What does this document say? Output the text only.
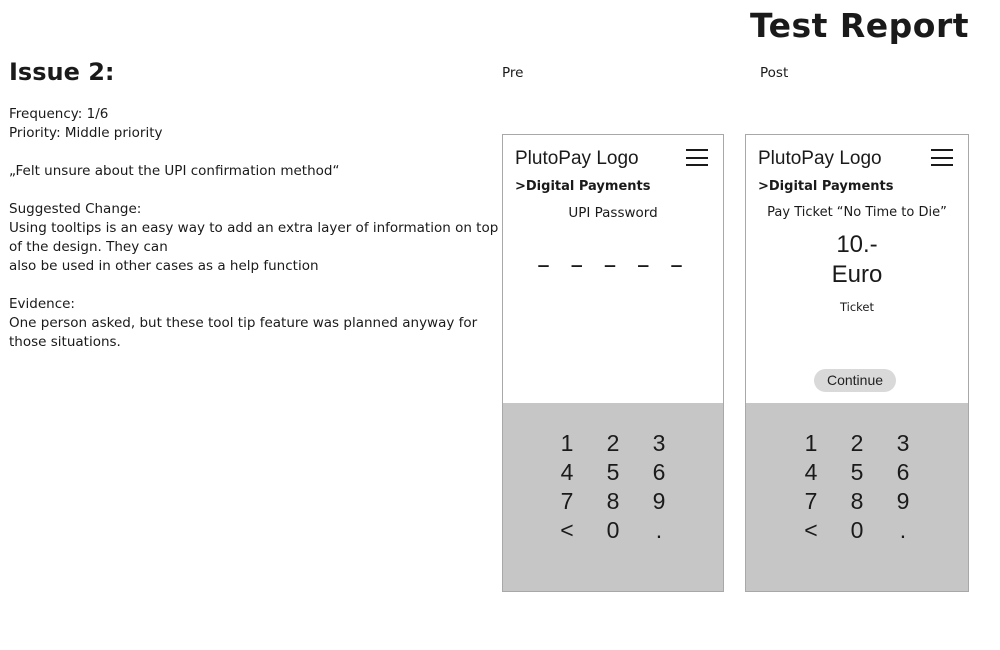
Test Report
Issue 2:
Frequency: 1/6
Priority: Middle priority
„Felt unsure about the UPI confirmation method“
Suggested Change:
Using tooltips is an easy way to add an extra layer of information on top
of the design. They can
also be used in other cases as a help function
Evidence:
One person asked, but these tool tip feature was planned anyway for
those situations.
Pre	Post
PlutoPay Logo
>Digital Payments
UPI Password
– – – – –
1	2	3
4	5	6
7	8	9
<	0	.
PlutoPay Logo
>Digital Payments
Pay Ticket “No Time to Die”
10.-
Euro
Ticket
Continue
1	2	3
4	5	6
7	8	9
<	0	.
